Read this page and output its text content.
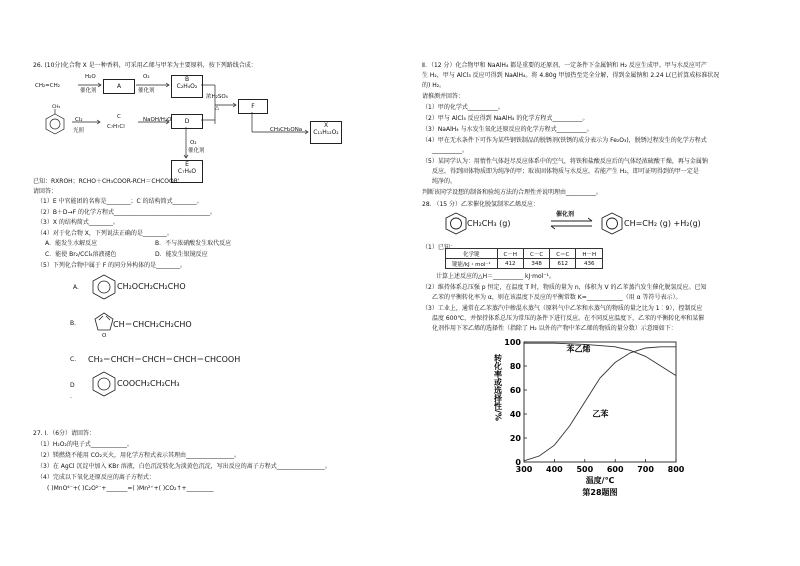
26. (10分)化合物 X 是一种香料，可采用乙烯与甲苯为主要原料，按下列路线合成：
CH₂=CH₂
H₂O
催化剂
A
O₂
催化剂
B
C₂H₄O₂
浓H₂SO₄
△	F
CH₃CH₂ONa
X
C₁₁H₁₂O₂
Cl₂
光照
C
C₇H₇Cl
NaOH/H₂O	D
O₂
催化剂
E
C₇H₆O
CH₃
已知：RXROH；RCHO＋CH₃COOR-RCH＝CHCOOR'
请回答：
（1）E 中官能团的名称是________；C 的结构简式________。
（2）B＋D→F 的化学方程式________________________________。
（3）X 的结构简式________。
（4）对于化合物 X，下列说法正确的是________。
A．能发生水解反应	B．不与浓硝酸发生取代反应
C．能使 Br₂/CCl₄溶液褪色	D．能发生银镜反应
（5）下列化合物中属于 F 的同分异构体的是________。
A.	CH₂OCH₂CH₂CHO
B.	CH＝CHCH₂CH₂CHO
O
C. CH₃＝CHCH＝CHCH＝CHCH＝CHCOOH
D
.
COOCH₂CH₂CH₃
27. Ⅰ．（6分）请回答：
（1）H₂O₂的电子式____________。
（2）镁燃烧不能用 CO₂灭火，用化学方程式表示其理由________________。
（3）在 AgCl 沉淀中加入 KBr 溶液，白色沉淀转化为淡黄色沉淀，写出反应的离子方程式________________。
（4）完成以下氧化还原反应的离子方程式：
( )MnO⁴⁻+( )C₂O²⁻+_______=( )Mn²⁺+( )CO₂↑+_________
Ⅱ．（12 分）化合物甲和 NaAlH₄ 都是重要的还原剂，一定条件下金属钠和 H₂ 反应生成甲。甲与水反应可产
生 H₂，甲与 AlCl₃ 反应可得到 NaAlH₄。将 4.80g 甲加热至完全分解，得到金属钠和 2.24 L(已折算成标准状况
的) H₂。
请推测并回答：
（1）甲的化学式__________。
（2）甲与 AlCl₃ 反应得到 NaAlH₄ 的化学方程式__________。
（3）NaAlH₄ 与水发生氧化还原反应的化学方程式__________。
（4）甲在无水条件下可作为某些钢铁制品的脱锈剂(铁锈的成分表示为 Fe₂O₃)，脱锈过程发生的化学方程式
__________。
（5）某同学认为：用惰性气体赶尽反应体系中的空气，将铁和盐酸反应后的气体经浓硫酸干燥，再与金属钠
反应，得到固体物质即为纯净的甲；取该固体物质与水反应，若能产生 H₂，即可证明得到的甲一定是
纯净的。
判断该同学设想的制备和验纯方法的合理性并说明理由__________。
28. （15 分）乙苯催化脱氢制苯乙烯反应：
CH₂CH₃ (g)
催化剂
CH=CH₂ (g) +H₂(g)
（1）已知：
化学键	C－H	C－C	C＝C	H－H
键能/kJ・mol⁻¹	412	348	612	436
计算上述反应的△H＝__________ kJ·mol⁻¹。
（2）维持体系总压强 p 恒定，在温度 T 时，物质的量为 n，体积为 V 的乙苯蒸汽发生催化脱氢反应。已知
乙苯的平衡转化率为 α，则在该温度下反应的平衡常数 K=____________（用 α 等符号表示）。
（3）工业上，通常在乙苯蒸汽中掺混水蒸气（原料气中乙苯和水蒸气的物质的量之比为 1︰9），控制反应
温度 600℃，并保持体系总压为常压的条件下进行反应。在不同反应温度下，乙苯的平衡转化率和某催
化剂作用下苯乙烯的选择性（指除了 H₂ 以外的产物中苯乙烯的物质的量分数）示意图如下：
300 400 500 600 700 800
0
20
40
60
80
100
苯乙烯
乙苯
转化率或选择性/%
温度/℃
第28题图
